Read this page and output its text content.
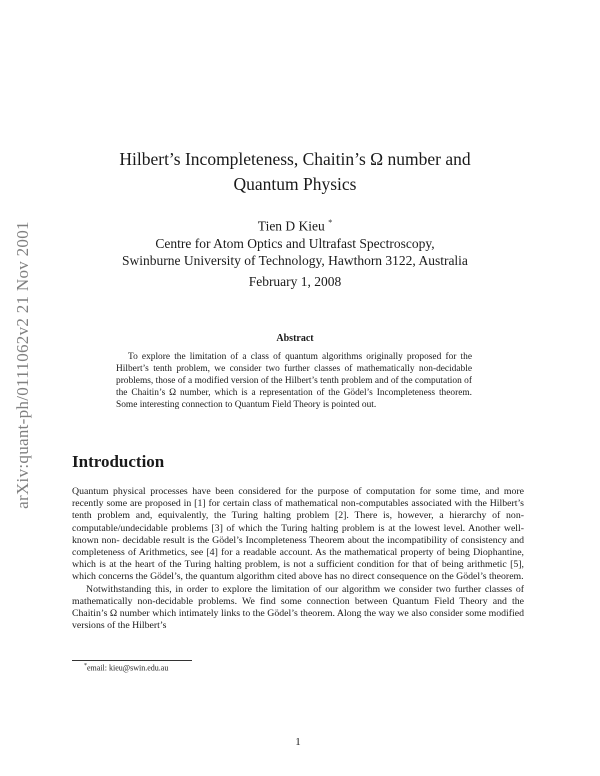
arXiv:quant-ph/0111062v2 21 Nov 2001
Hilbert’s Incompleteness, Chaitin’s Ω number and
Quantum Physics
Tien D Kieu *
Centre for Atom Optics and Ultrafast Spectroscopy,
Swinburne University of Technology, Hawthorn 3122, Australia
February 1, 2008
Abstract
To explore the limitation of a class of quantum algorithms originally proposed for the Hilbert’s tenth problem, we consider two further classes of mathematically non-decidable problems, those of a modified version of the Hilbert’s tenth problem and of the computation of the Chaitin’s Ω number, which is a representation of the Gödel’s Incompleteness theorem. Some interesting connection to Quantum Field Theory is pointed out.
Introduction

Quantum physical processes have been considered for the purpose of computation for some time, and more recently some are proposed in [1] for certain class of mathematical non-computables associated with the Hilbert’s tenth problem and, equivalently, the Turing halting problem [2]. There is, however, a hierarchy of non- computable/undecidable problems [3] of which the Turing halting problem is at the lowest level. Another well-known non- decidable result is the Gödel’s Incompleteness Theorem about the incompatibility of consistency and completeness of Arithmetics, see [4] for a readable account. As the mathematical property of being Diophantine, which is at the heart of the Turing halting problem, is not a sufficient condition for that of being arithmetic [5], which concerns the Gödel’s, the quantum algorithm cited above has no direct consequence on the Gödel’s theorem.

Notwithstanding this, in order to explore the limitation of our algorithm we consider two further classes of mathematically non-decidable problems. We find some connection between Quantum Field Theory and the Chaitin’s Ω number which intimately links to the Gödel’s theorem. Along the way we also consider some modified versions of the Hilbert’s

*email: kieu@swin.edu.au
1
